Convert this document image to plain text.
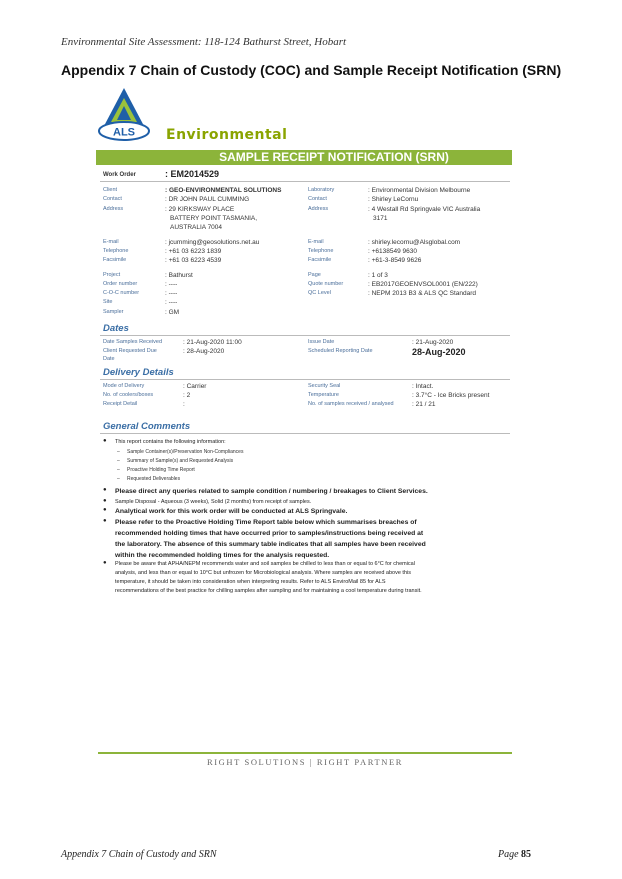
Environmental Site Assessment: 118-124 Bathurst Street, Hobart
Appendix 7 Chain of Custody (COC) and Sample Receipt Notification (SRN)
ALS Environmental
SAMPLE RECEIPT NOTIFICATION (SRN)
Work Order	: EM2014529
Client	: GEO-ENVIRONMENTAL SOLUTIONS
Contact	: DR JOHN PAUL CUMMING
Address	: 29 KIRKSWAY PLACE
BATTERY POINT TASMANIA,
AUSTRALIA 7004
Laboratory	: Environmental Division Melbourne
Contact	: Shirley LeCornu
Address	: 4 Westall Rd Springvale VIC Australia
3171
E-mail	: jcumming@geosolutions.net.au
Telephone	: +61 03 6223 1839
Facsimile	: +61 03 6223 4539
E-mail	: shirley.lecornu@Alsglobal.com
Telephone	: +6138549 9630
Facsimile	: +61-3-8549 9626
Project	: Bathurst
Order number	: ----
C-O-C number	: ----
Site	: ----
Sampler	: GM
Page	: 1 of 3
Quote number	: EB2017GEOENVSOL0001 (EN/222)
QC Level	: NEPM 2013 B3 & ALS QC Standard
Dates
Date Samples Received	: 21-Aug-2020 11:00
Client Requested Due
Date
: 28-Aug-2020
Issue Date	: 21-Aug-2020
Scheduled Reporting Date	28-Aug-2020
Delivery Details
Mode of Delivery	: Carrier
No. of coolers/boxes	: 2
Receipt Detail	:
Security Seal	: Intact.
Temperature	: 3.7°C - Ice Bricks present
No. of samples received / analysed	: 21 / 21
General Comments
● This report contains the following information:
– Sample Container(s)/Preservation Non-Compliances
– Summary of Sample(s) and Requested Analysis
– Proactive Holding Time Report
– Requested Deliverables
● Please direct any queries related to sample condition / numbering / breakages to Client Services.
● Sample Disposal - Aqueous (3 weeks), Solid (2 months) from receipt of samples.
● Analytical work for this work order will be conducted at ALS Springvale.
● Please refer to the Proactive Holding Time Report table below which summarises breaches of
recommended holding times that have occurred prior to samples/instructions being received at
the laboratory. The absence of this summary table indicates that all samples have been received
within the recommended holding times for the analysis requested.
● Please be aware that APHA/NEPM recommends water and soil samples be chilled to less than or equal to 6°C for chemical
analysis, and less than or equal to 10°C but unfrozen for Microbiological analysis. Where samples are received above this
temperature, it should be taken into consideration when interpreting results. Refer to ALS EnviroMail 85 for ALS
recommendations of the best practice for chilling samples after sampling and for maintaining a cool temperature during transit.
RIGHT SOLUTIONS | RIGHT PARTNER
Appendix 7 Chain of Custody and SRN	Page 85
